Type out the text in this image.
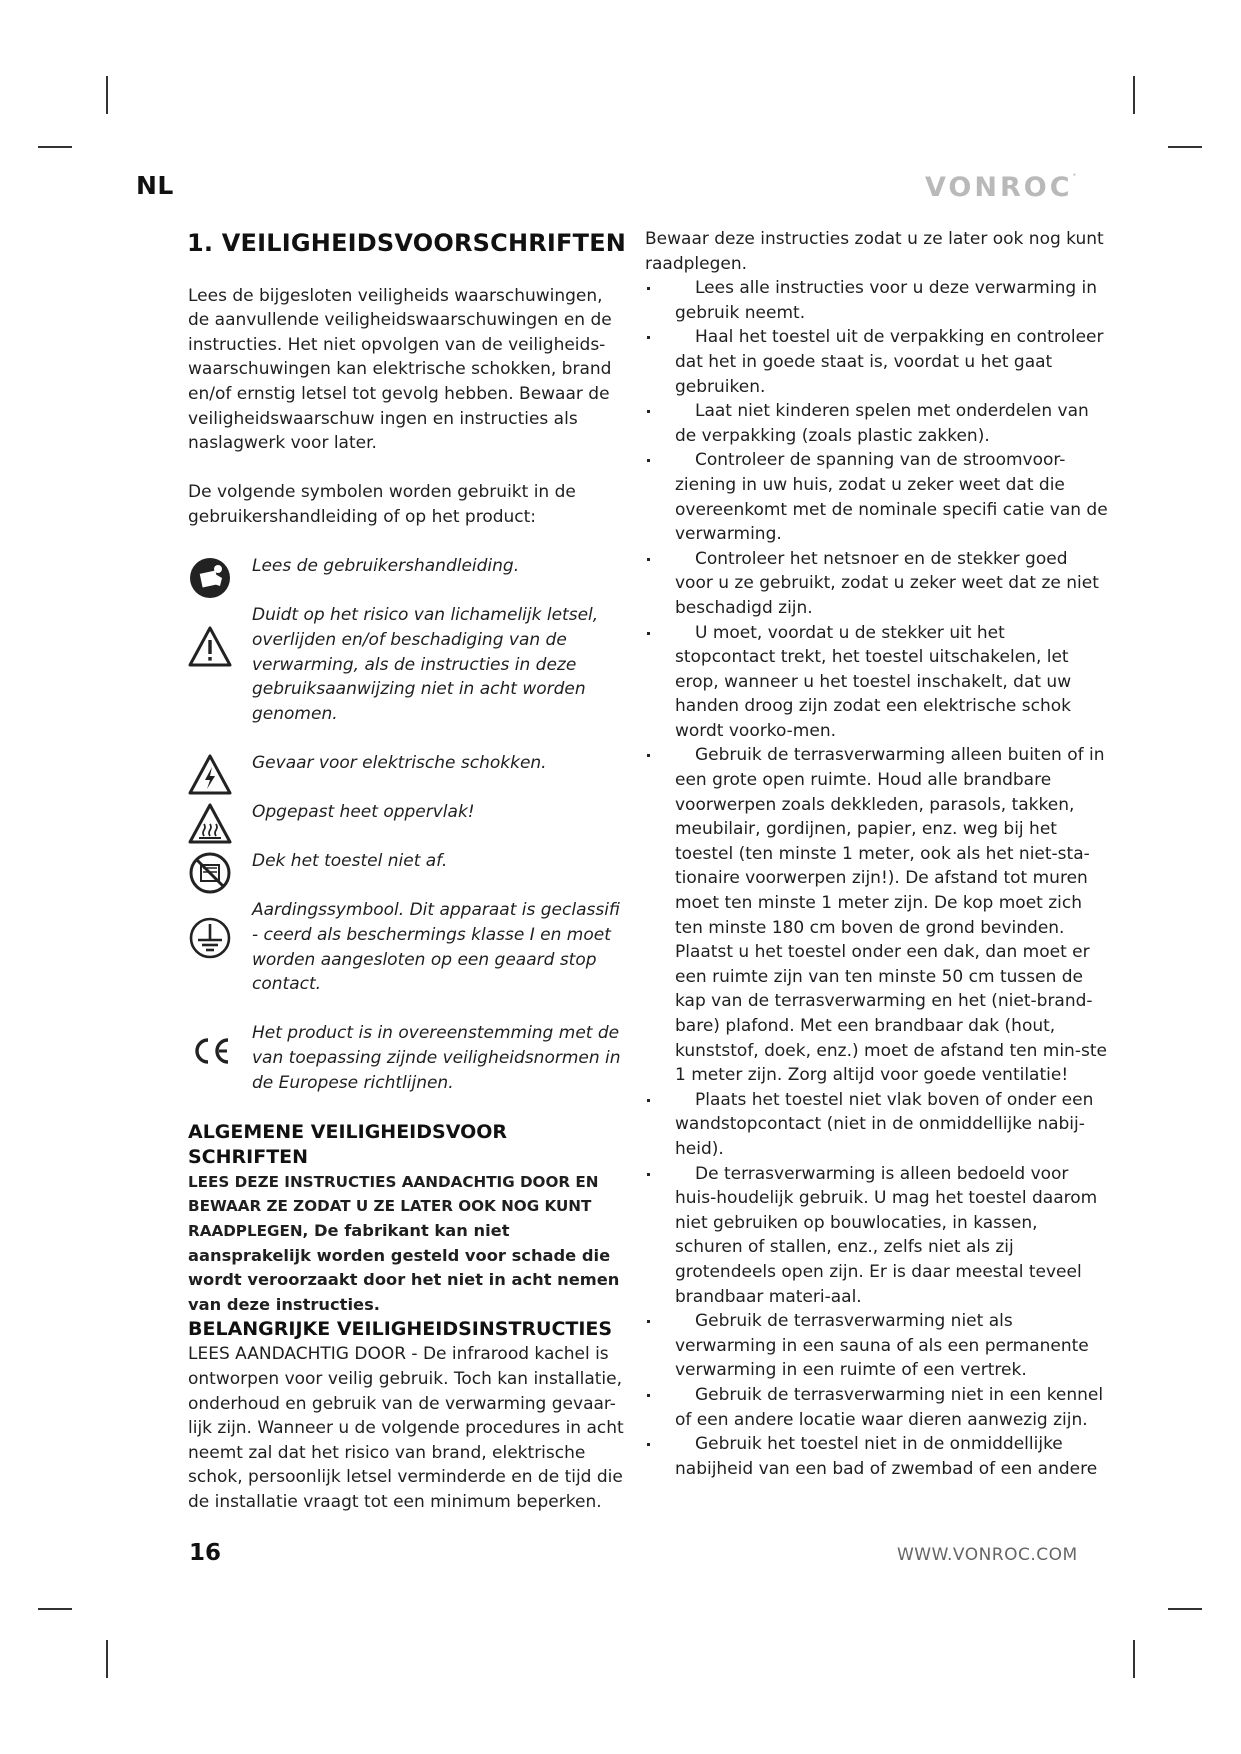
NL	VONROC·
1. VEILIGHEIDSVOORSCHRIFTEN

Lees de bijgesloten veiligheids waarschuwingen, de aanvullende veiligheidswaarschuwingen en de instructies. Het niet opvolgen van de veiligheids-waarschuwingen kan elektrische schokken, brand en/of ernstig letsel tot gevolg hebben. Bewaar de veiligheidswaarschuw ingen en instructies als naslagwerk voor later.

De volgende symbolen worden gebruikt in de gebruikershandleiding of op het product:

Lees de gebruikershandleiding.
Duidt op het risico van lichamelijk letsel, overlijden en/of beschadiging van de verwarming, als de instructies in deze gebruiksaanwijzing niet in acht worden genomen.
Gevaar voor elektrische schokken.
Opgepast heet oppervlak!
Dek het toestel niet af.
Aardingssymbool. Dit apparaat is geclassifi - ceerd als beschermings klasse I en moet worden aangesloten op een geaard stop contact.
Het product is in overeenstemming met de van toepassing zijnde veiligheidsnormen in de Europese richtlijnen.
ALGEMENE VEILIGHEIDSVOOR SCHRIFTEN

LEES DEZE INSTRUCTIES AANDACHTIG DOOR EN BEWAAR ZE ZODAT U ZE LATER OOK NOG KUNT RAADPLEGEN, De fabrikant kan niet aansprakelijk worden gesteld voor schade die wordt veroorzaakt door het niet in acht nemen van deze instructies.

BELANGRIJKE VEILIGHEIDSINSTRUCTIES

LEES AANDACHTIG DOOR - De infrarood kachel is ontworpen voor veilig gebruik. Toch kan installatie, onderhoud en gebruik van de verwarming gevaar-lijk zijn. Wanneer u de volgende procedures in acht neemt zal dat het risico van brand, elektrische schok, persoonlijk letsel verminderde en de tijd die de installatie vraagt tot een minimum beperken.

Bewaar deze instructies zodat u ze later ook nog kunt raadplegen.

Lees alle instructies voor u deze verwarming in gebruik neemt.
Haal het toestel uit de verpakking en controleer dat het in goede staat is, voordat u het gaat gebruiken.
Laat niet kinderen spelen met onderdelen van de verpakking (zoals plastic zakken).
Controleer de spanning van de stroomvoor-ziening in uw huis, zodat u zeker weet dat die overeenkomt met de nominale specifi catie van de verwarming.
Controleer het netsnoer en de stekker goed voor u ze gebruikt, zodat u zeker weet dat ze niet beschadigd zijn.
U moet, voordat u de stekker uit het stopcontact trekt, het toestel uitschakelen, let erop, wanneer u het toestel inschakelt, dat uw handen droog zijn zodat een elektrische schok wordt voorko-men.
Gebruik de terrasverwarming alleen buiten of in een grote open ruimte. Houd alle brandbare voorwerpen zoals dekkleden, parasols, takken, meubilair, gordijnen, papier, enz. weg bij het toestel (ten minste 1 meter, ook als het niet-sta-tionaire voorwerpen zijn!). De afstand tot muren moet ten minste 1 meter zijn. De kop moet zich ten minste 180 cm boven de grond bevinden. Plaatst u het toestel onder een dak, dan moet er een ruimte zijn van ten minste 50 cm tussen de kap van de terrasverwarming en het (niet-brand-bare) plafond. Met een brandbaar dak (hout, kunststof, doek, enz.) moet de afstand ten min-ste 1 meter zijn. Zorg altijd voor goede ventilatie!
Plaats het toestel niet vlak boven of onder een wandstopcontact (niet in de onmiddellijke nabij-heid).
De terrasverwarming is alleen bedoeld voor huis-houdelijk gebruik. U mag het toestel daarom niet gebruiken op bouwlocaties, in kassen, schuren of stallen, enz., zelfs niet als zij grotendeels open zijn. Er is daar meestal teveel brandbaar materi-aal.
Gebruik de terrasverwarming niet als verwarming in een sauna of als een permanente verwarming in een ruimte of een vertrek.
Gebruik de terrasverwarming niet in een kennel of een andere locatie waar dieren aanwezig zijn.
Gebruik het toestel niet in de onmiddellijke nabijheid van een bad of zwembad of een andere
16	WWW.VONROC.COM
